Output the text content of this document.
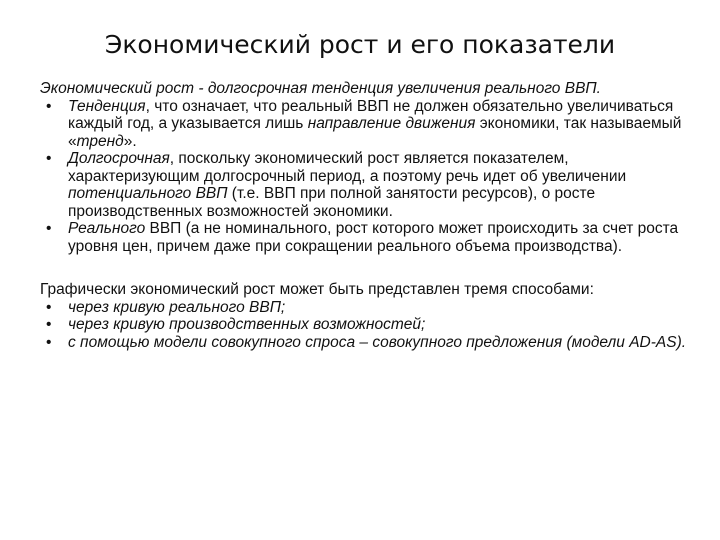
Экономический рост и его показатели

Экономический рост - долгосрочная тенденция увеличения реального ВВП.

• Тенденция, что означает, что реальный ВВП не должен обязательно увеличиваться каждый год, а указывается лишь направление движения экономики, так называемый «тренд».
• Долгосрочная, поскольку экономический рост является показателем, характеризующим долгосрочный период, а поэтому речь идет об увеличении потенциального ВВП (т.е. ВВП при полной занятости ресурсов), о росте производственных возможностей экономики.
• Реального ВВП (а не номинального, рост которого может происходить за счет роста уровня цен, причем даже при сокращении реального объема производства).

Графически экономический рост может быть представлен тремя способами:

• через кривую реального ВВП;
• через кривую производственных возможностей;
• с помощью модели совокупного спроса – совокупного предложения (модели AD-AS).
